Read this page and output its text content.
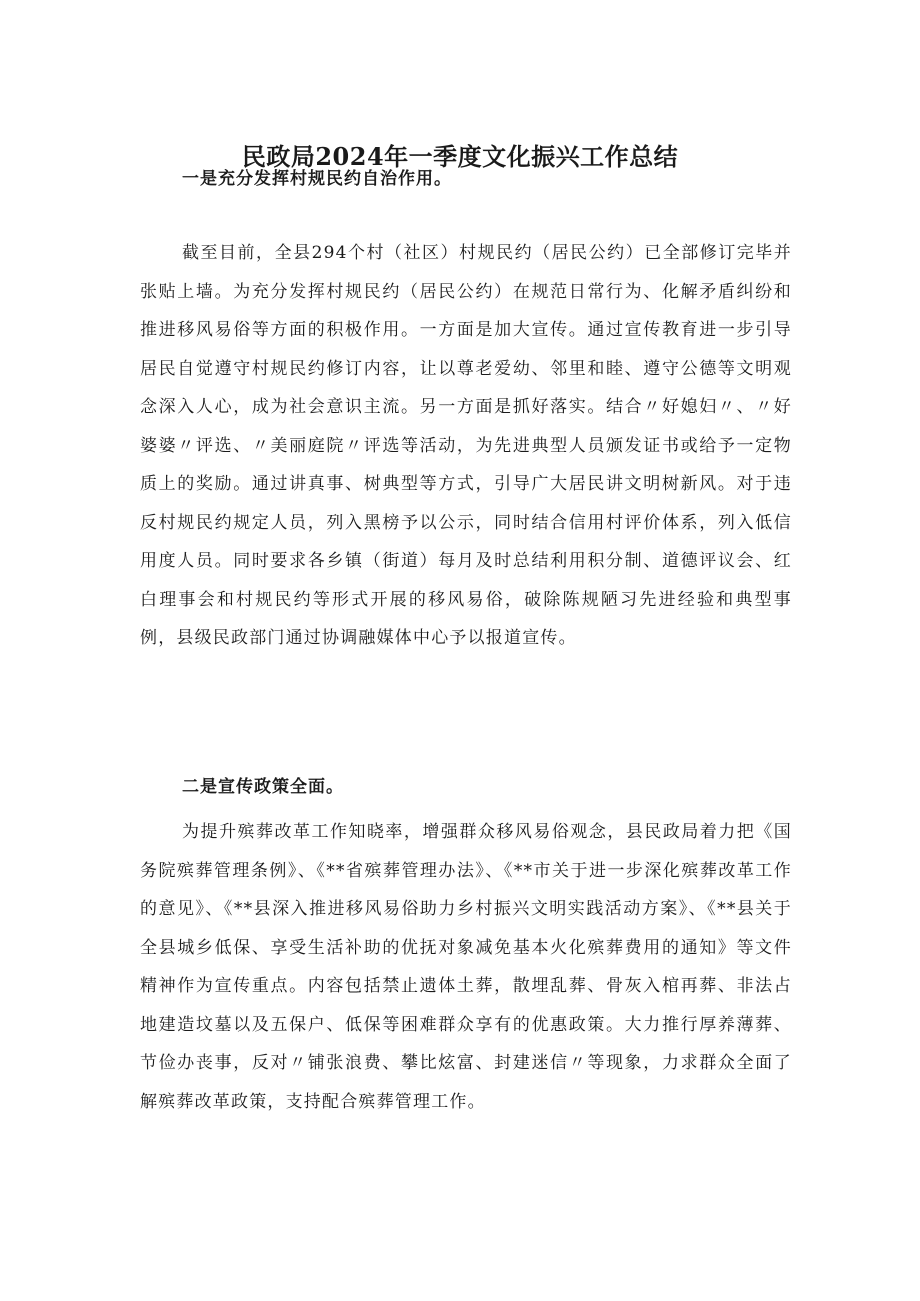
民政局2024年一季度文化振兴工作总结

一是充分发挥村规民约自治作用。

截至目前，全县294个村（社区）村规民约（居民公约）已全部修订完毕并张贴上墙。为充分发挥村规民约（居民公约）在规范日常行为、化解矛盾纠纷和推进移风易俗等方面的积极作用。一方面是加大宣传。通过宣传教育进一步引导居民自觉遵守村规民约修订内容，让以尊老爱幼、邻里和睦、遵守公德等文明观念深入人心，成为社会意识主流。另一方面是抓好落实。结合〃好媳妇〃、〃好婆婆〃评选、〃美丽庭院〃评选等活动，为先进典型人员颁发证书或给予一定物质上的奖励。通过讲真事、树典型等方式，引导广大居民讲文明树新风。对于违反村规民约规定人员，列入黑榜予以公示，同时结合信用村评价体系，列入低信用度人员。同时要求各乡镇（街道）每月及时总结利用积分制、道德评议会、红白理事会和村规民约等形式开展的移风易俗，破除陈规陋习先进经验和典型事例，县级民政部门通过协调融媒体中心予以报道宣传。

二是宣传政策全面。

为提升殡葬改革工作知晓率，增强群众移风易俗观念，县民政局着力把《国务院殡葬管理条例》、《**省殡葬管理办法》、《**市关于进一步深化殡葬改革工作的意见》、《**县深入推进移风易俗助力乡村振兴文明实践活动方案》、《**县关于全县城乡低保、享受生活补助的优抚对象减免基本火化殡葬费用的通知》等文件精神作为宣传重点。内容包括禁止遗体土葬，散埋乱葬、骨灰入棺再葬、非法占地建造坟墓以及五保户、低保等困难群众享有的优惠政策。大力推行厚养薄葬、节俭办丧事，反对〃铺张浪费、攀比炫富、封建迷信〃等现象，力求群众全面了解殡葬改革政策，支持配合殡葬管理工作。
